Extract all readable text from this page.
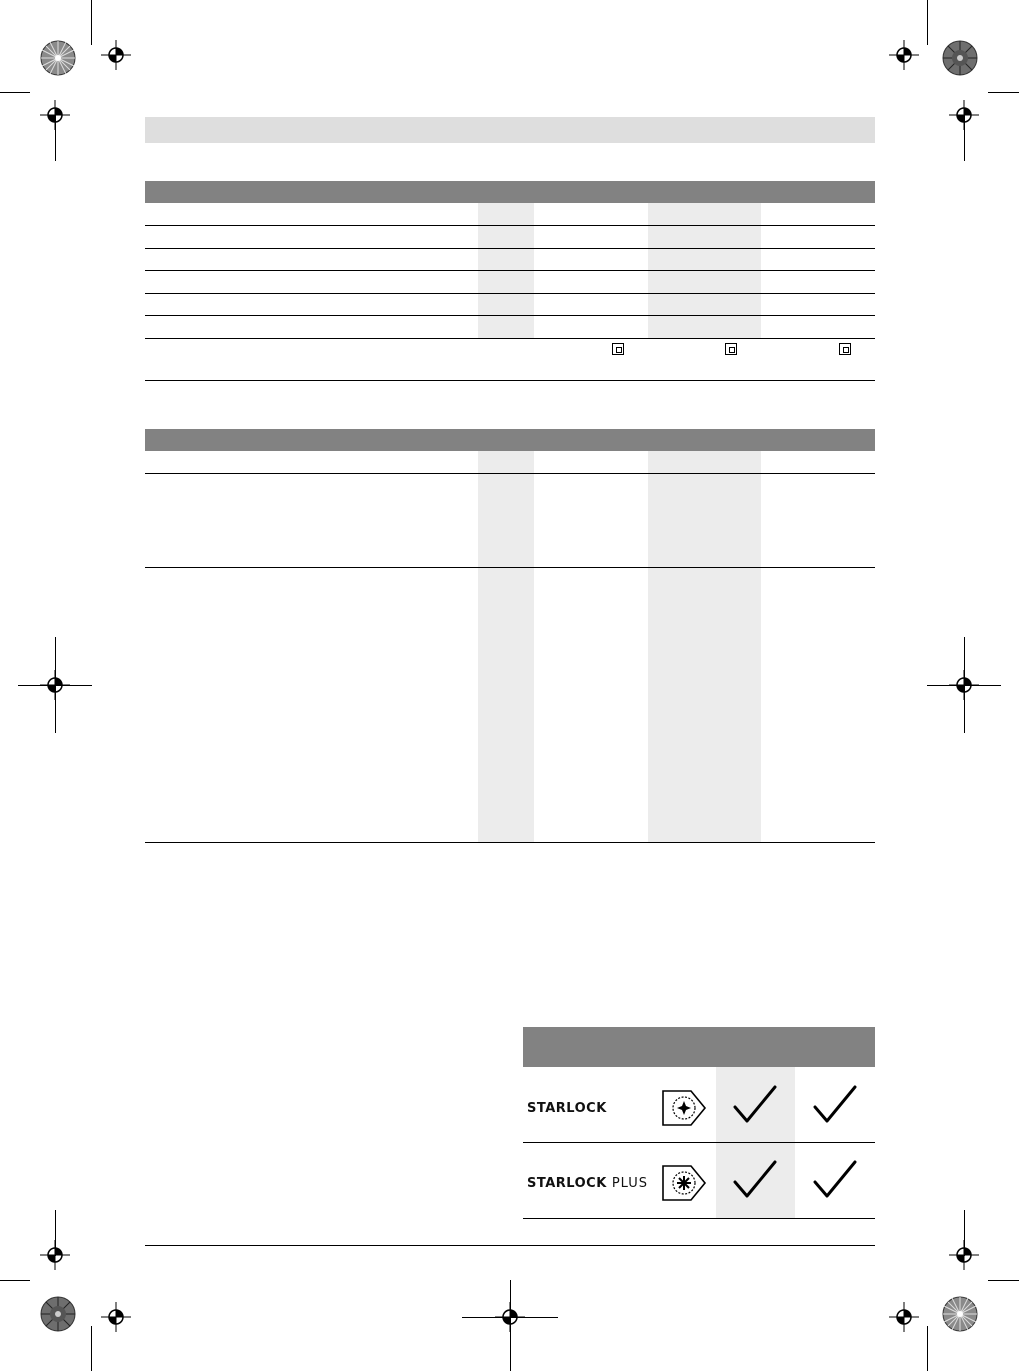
STARLOCK
STARLOCK PLUS
